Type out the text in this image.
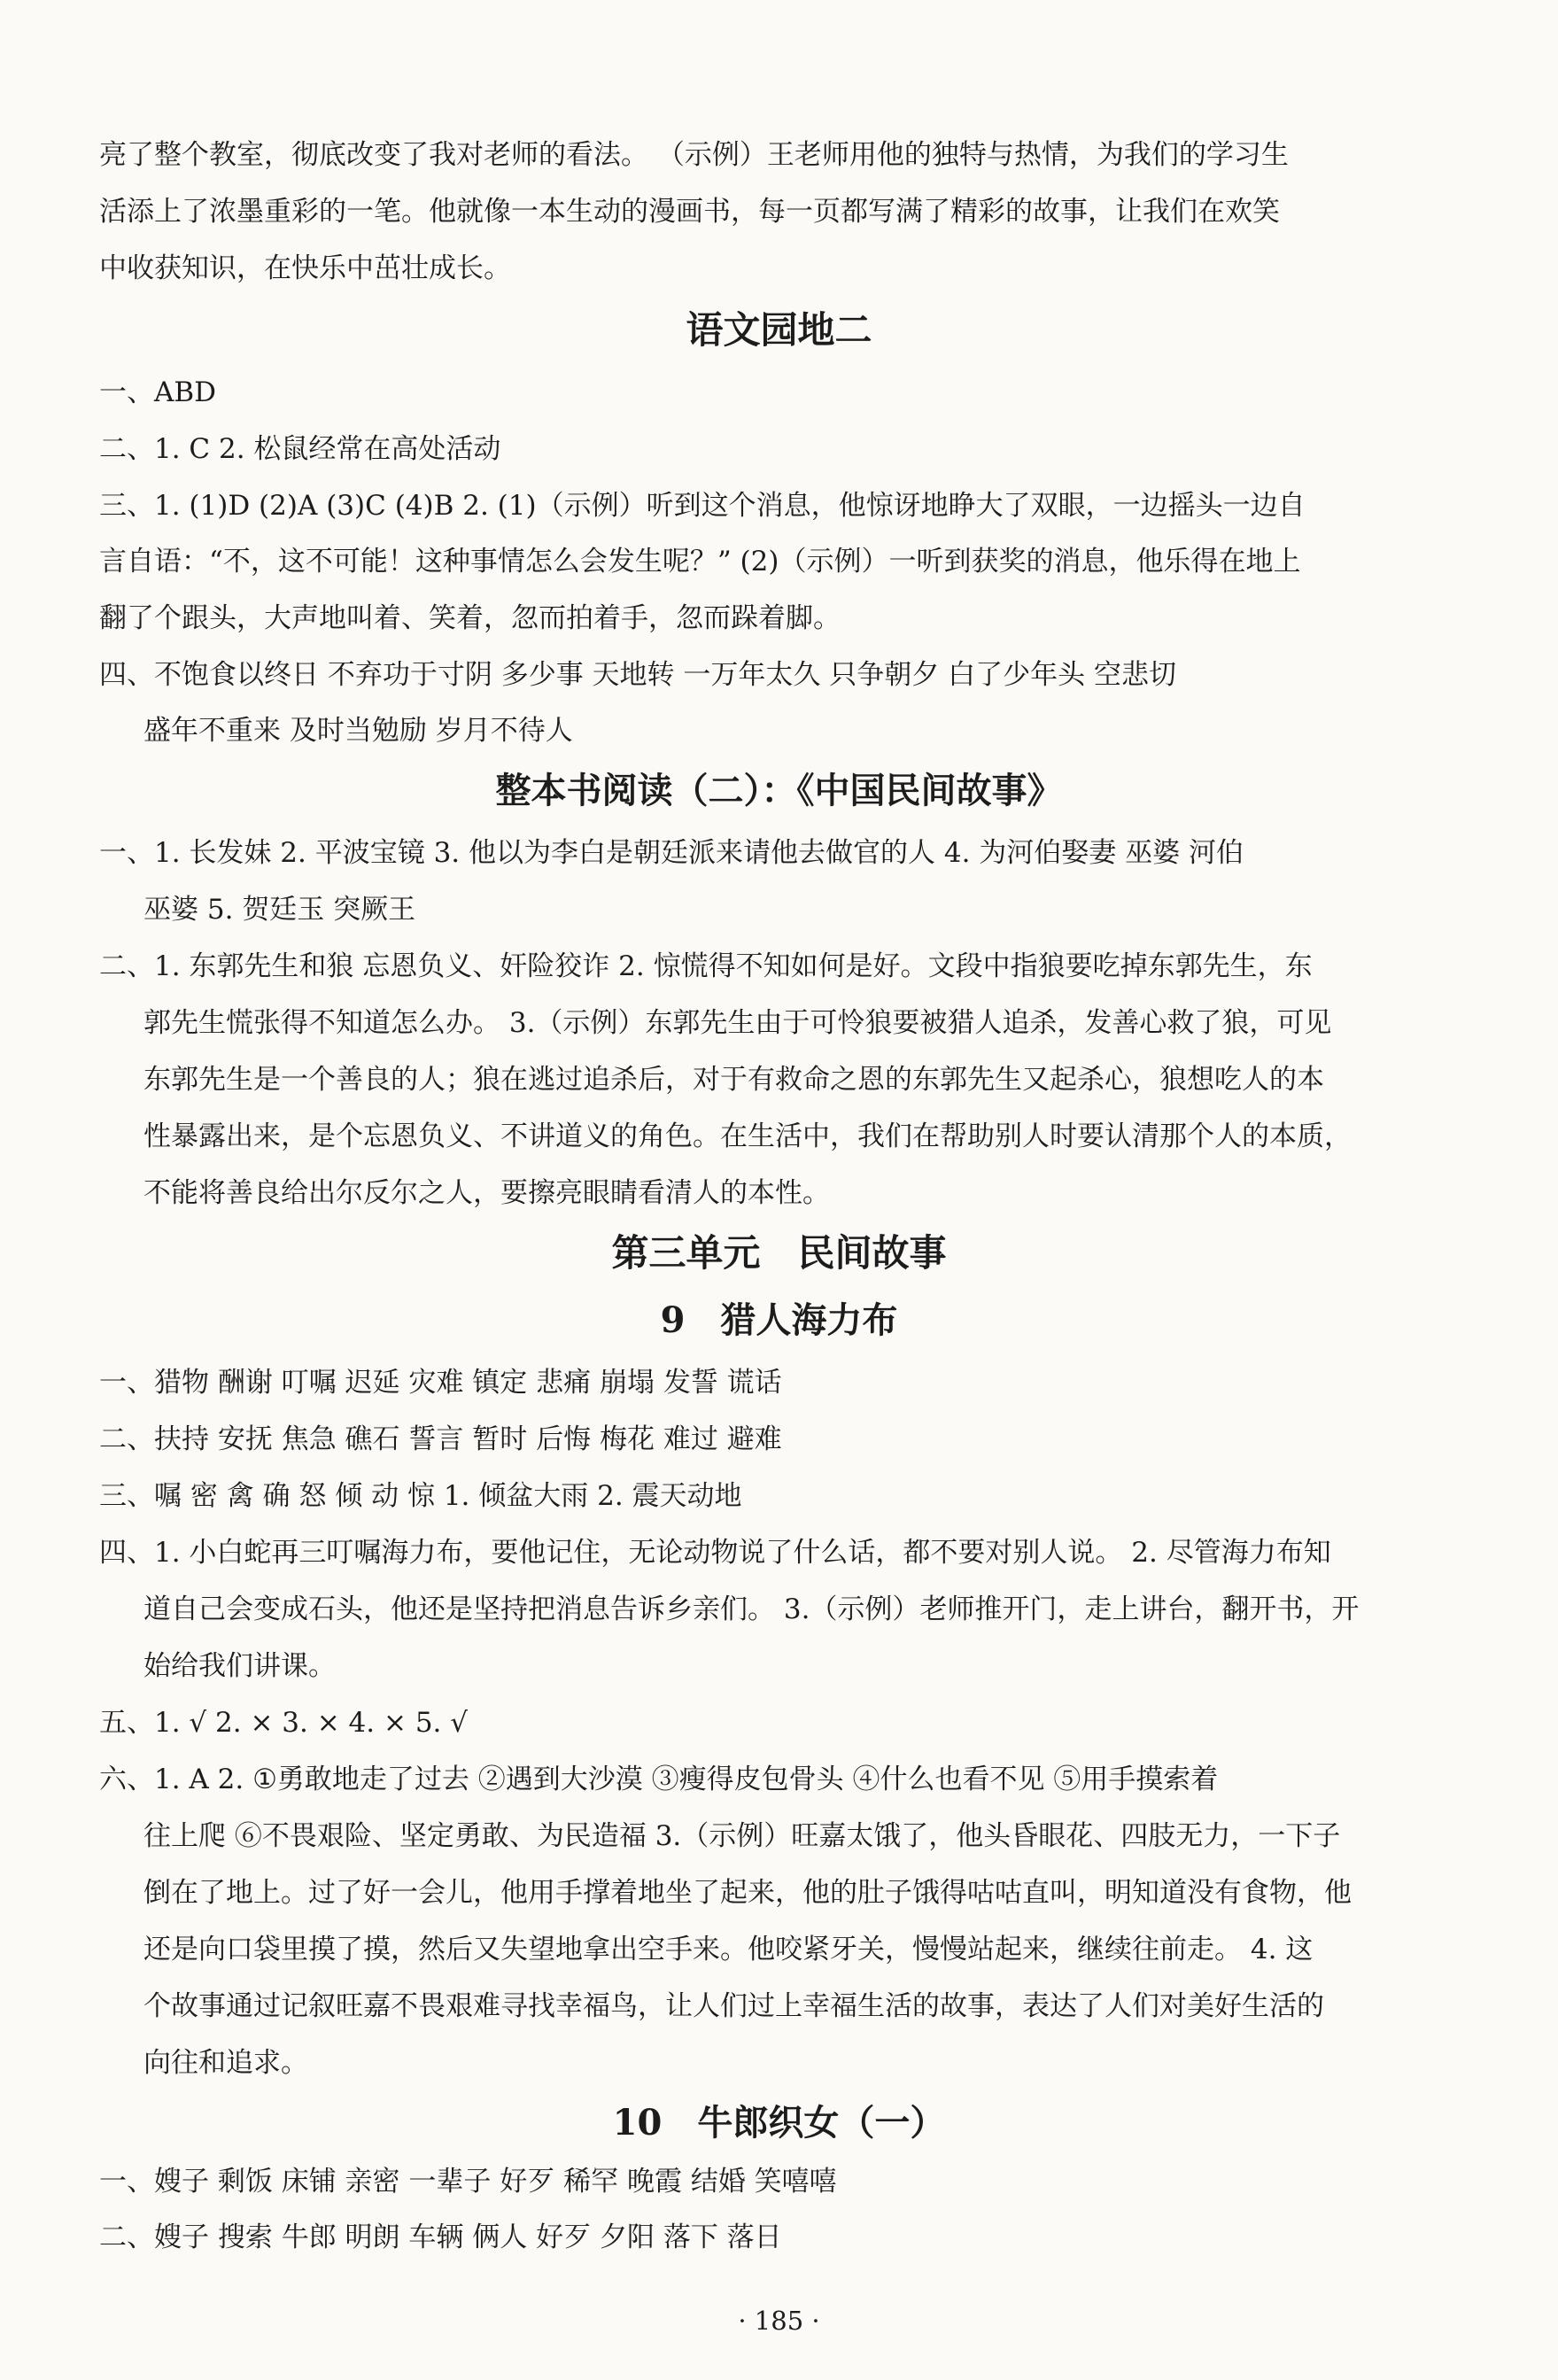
亮了整个教室，彻底改变了我对老师的看法。 （示例）王老师用他的独特与热情，为我们的学习生
活添上了浓墨重彩的一笔。他就像一本生动的漫画书，每一页都写满了精彩的故事，让我们在欢笑
中收获知识，在快乐中茁壮成长。
语文园地二
一、ABD
二、1. C 2. 松鼠经常在高处活动
三、1. (1)D (2)A (3)C (4)B 2. (1)（示例）听到这个消息，他惊讶地睁大了双眼，一边摇头一边自
言自语：“不，这不可能！这种事情怎么会发生呢？” (2)（示例）一听到获奖的消息，他乐得在地上
翻了个跟头，大声地叫着、笑着，忽而拍着手，忽而跺着脚。
四、不饱食以终日 不弃功于寸阴 多少事 天地转 一万年太久 只争朝夕 白了少年头 空悲切
盛年不重来 及时当勉励 岁月不待人
整本书阅读（二）：《中国民间故事》
一、1. 长发妹 2. 平波宝镜 3. 他以为李白是朝廷派来请他去做官的人 4. 为河伯娶妻 巫婆 河伯
巫婆 5. 贺廷玉 突厥王
二、1. 东郭先生和狼 忘恩负义、奸险狡诈 2. 惊慌得不知如何是好。文段中指狼要吃掉东郭先生，东
郭先生慌张得不知道怎么办。 3.（示例）东郭先生由于可怜狼要被猎人追杀，发善心救了狼，可见
东郭先生是一个善良的人；狼在逃过追杀后，对于有救命之恩的东郭先生又起杀心，狼想吃人的本
性暴露出来，是个忘恩负义、不讲道义的角色。在生活中，我们在帮助别人时要认清那个人的本质，
不能将善良给出尔反尔之人，要擦亮眼睛看清人的本性。
第三单元　民间故事
9　猎人海力布
一、猎物 酬谢 叮嘱 迟延 灾难 镇定 悲痛 崩塌 发誓 谎话
二、扶持 安抚 焦急 礁石 誓言 暂时 后悔 梅花 难过 避难
三、嘱 密 禽 确 怒 倾 动 惊 1. 倾盆大雨 2. 震天动地
四、1. 小白蛇再三叮嘱海力布，要他记住，无论动物说了什么话，都不要对别人说。 2. 尽管海力布知
道自己会变成石头，他还是坚持把消息告诉乡亲们。 3.（示例）老师推开门，走上讲台，翻开书，开
始给我们讲课。
五、1. √ 2. × 3. × 4. × 5. √
六、1. A 2. ①勇敢地走了过去 ②遇到大沙漠 ③瘦得皮包骨头 ④什么也看不见 ⑤用手摸索着
往上爬 ⑥不畏艰险、坚定勇敢、为民造福 3.（示例）旺嘉太饿了，他头昏眼花、四肢无力，一下子
倒在了地上。过了好一会儿，他用手撑着地坐了起来，他的肚子饿得咕咕直叫，明知道没有食物，他
还是向口袋里摸了摸，然后又失望地拿出空手来。他咬紧牙关，慢慢站起来，继续往前走。 4. 这
个故事通过记叙旺嘉不畏艰难寻找幸福鸟，让人们过上幸福生活的故事，表达了人们对美好生活的
向往和追求。
10　牛郎织女（一）
一、嫂子 剩饭 床铺 亲密 一辈子 好歹 稀罕 晚霞 结婚 笑嘻嘻
二、嫂子 搜索 牛郎 明朗 车辆 俩人 好歹 夕阳 落下 落日
· 185 ·
